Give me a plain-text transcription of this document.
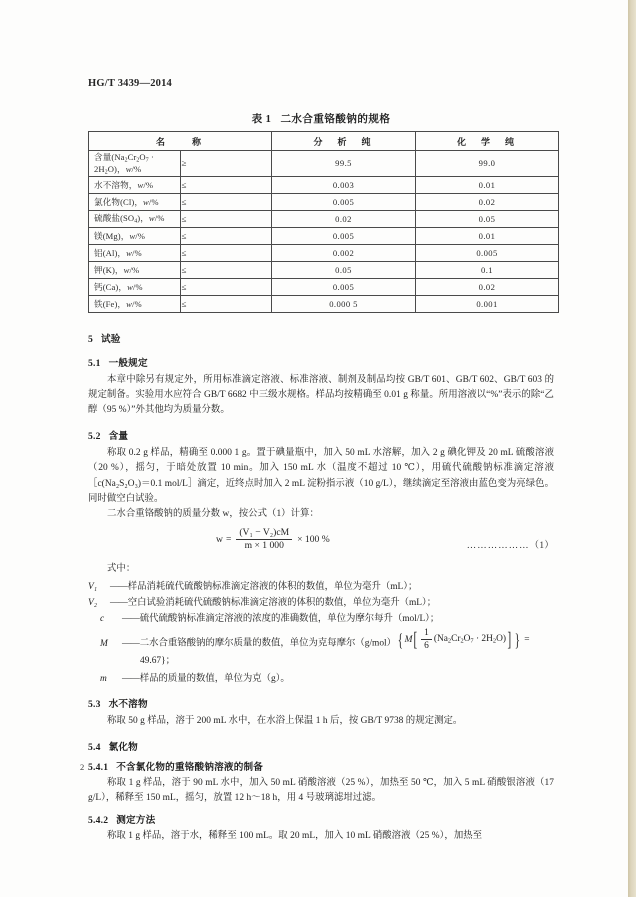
HG/T 3439—2014
表 1 二水合重铬酸钠的规格
名　　称		分　析　纯	化　学　纯

含量$(Na_2Cr_2O_7 \cdot 2H_2O)$，w/%	≥	99.5	99.0

水不溶物，w/%	≤	0.003	0.01

氯化物(Cl)，w/%	≤	0.005	0.02

硫酸盐$(SO_4)$，w/%	≤	0.02	0.05

镁(Mg)，w/%	≤	0.005	0.01

铝(Al)，w/%	≤	0.002	0.005

钾(K)，w/%	≤	0.05	0.1

钙(Ca)，w/%	≤	0.005	0.02

铁(Fe)，w/%	≤	0.000 5	0.001
5 试验
5.1 一般规定

本章中除另有规定外，所用标准滴定溶液、标准溶液、制剂及制品均按 GB/T 601、GB/T 602、GB/T 603 的规定制备。实验用水应符合 GB/T 6682 中三级水规格。样品均按精确至 0.01 g 称量。所用溶液以“%”表示的除“乙醇（95 %）”外其他均为质量分数。

5.2 含量

称取 0.2 g 样品，精确至 0.000 1 g。置于碘量瓶中，加入 50 mL 水溶解，加入 2 g 碘化钾及 20 mL 硫酸溶液（20 %），摇匀，于暗处放置 10 min。加入 150 mL 水（温度不超过 10 ℃），用硫代硫酸钠标准滴定溶液［c(Na₂S₂O₃)＝0.1 mol/L］滴定，近终点时加入 2 mL 淀粉指示液（10 g/L），继续滴定至溶液由蓝色变为亮绿色。同时做空白试验。

二水合重铬酸钠的质量分数 w，按公式（1）计算：

$w = \frac{\text{(V₁ − V₂)cM}}{m \times 1 000} \times 100$ %
………………（1）

式中：

V₁	—— 样品消耗硫代硫酸钠标准滴定溶液的体积的数值，单位为毫升（mL）；
V₂	—— 空白试验消耗硫代硫酸钠标准滴定溶液的体积的数值，单位为毫升（mL）；
c	—— 硫代硫酸钠标准滴定溶液的浓度的准确数值，单位为摩尔每升（mol/L）；
M	—— 二水合重铬酸钠的摩尔质量的数值，单位为克每摩尔（g/mol） { M [ $\frac{1}{6} (Na_2Cr_2O_7 \cdot 2H_2O)$ ] } =
49.67}；
m	—— 样品的质量的数值，单位为克（g）。
5.3 水不溶物

称取 50 g 样品，溶于 200 mL 水中，在水浴上保温 1 h 后，按 GB/T 9738 的规定测定。

5.4 氯化物
5.4.1 不含氯化物的重铬酸钠溶液的制备

称取 1 g 样品，溶于 90 mL 水中，加入 50 mL 硝酸溶液（25 %），加热至 50 ℃，加入 5 mL 硝酸银溶液（17 g/L），稀释至 150 mL，摇匀，放置 12 h～18 h，用 4 号玻璃滤坩过滤。

5.4.2 测定方法

称取 1 g 样品，溶于水，稀释至 100 mL。取 20 mL，加入 10 mL 硝酸溶液（25 %），加热至

2
